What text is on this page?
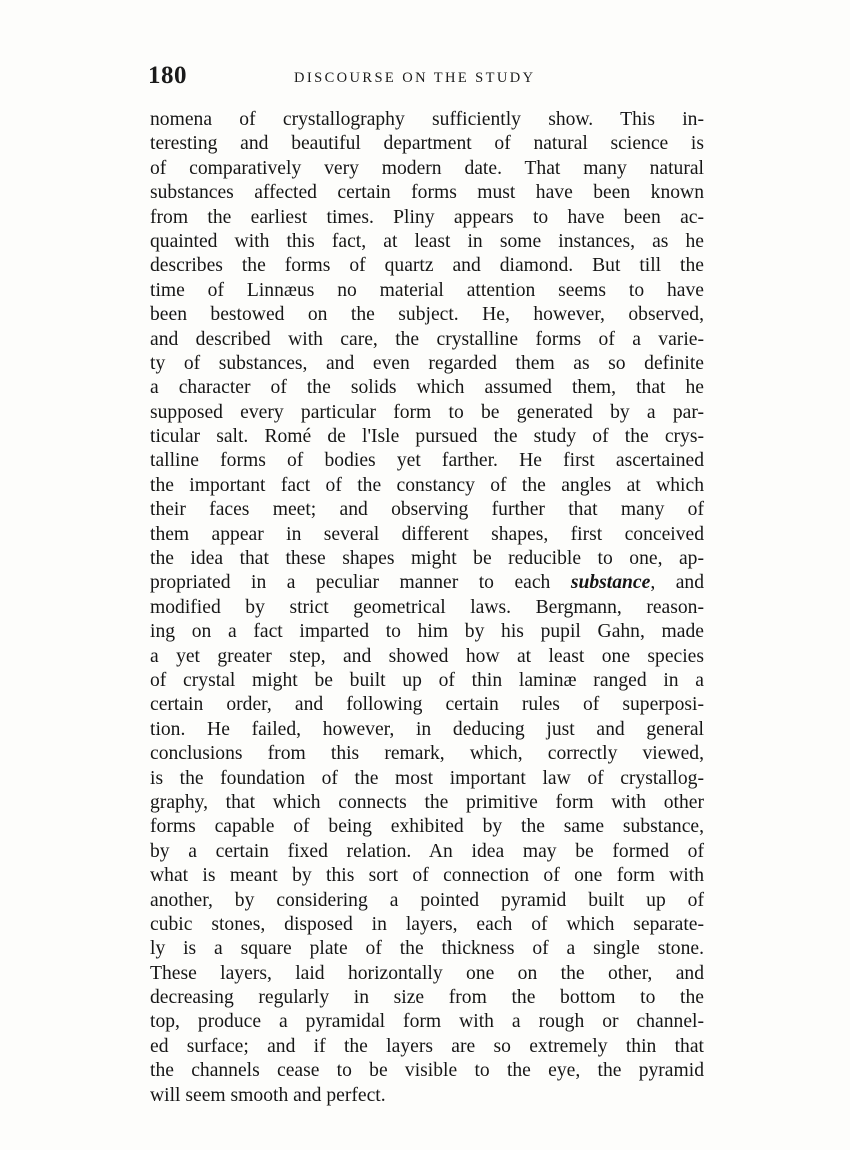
180	DISCOURSE ON THE STUDY
nomena of crystallography sufficiently show. This in-
teresting and beautiful department of natural science is
of comparatively very modern date. That many natural
substances affected certain forms must have been known
from the earliest times. Pliny appears to have been ac-
quainted with this fact, at least in some instances, as he
describes the forms of quartz and diamond. But till the
time of Linnæus no material attention seems to have
been bestowed on the subject. He, however, observed,
and described with care, the crystalline forms of a varie-
ty of substances, and even regarded them as so definite
a character of the solids which assumed them, that he
supposed every particular form to be generated by a par-
ticular salt. Romé de l'Isle pursued the study of the crys-
talline forms of bodies yet farther. He first ascertained
the important fact of the constancy of the angles at which
their faces meet; and observing further that many of
them appear in several different shapes, first conceived
the idea that these shapes might be reducible to one, ap-
propriated in a peculiar manner to each substance, and
modified by strict geometrical laws. Bergmann, reason-
ing on a fact imparted to him by his pupil Gahn, made
a yet greater step, and showed how at least one species
of crystal might be built up of thin laminæ ranged in a
certain order, and following certain rules of superposi-
tion. He failed, however, in deducing just and general
conclusions from this remark, which, correctly viewed,
is the foundation of the most important law of crystallog-
graphy, that which connects the primitive form with other
forms capable of being exhibited by the same substance,
by a certain fixed relation. An idea may be formed of
what is meant by this sort of connection of one form with
another, by considering a pointed pyramid built up of
cubic stones, disposed in layers, each of which separate-
ly is a square plate of the thickness of a single stone.
These layers, laid horizontally one on the other, and
decreasing regularly in size from the bottom to the
top, produce a pyramidal form with a rough or channel-
ed surface; and if the layers are so extremely thin that
the channels cease to be visible to the eye, the pyramid
will seem smooth and perfect.
